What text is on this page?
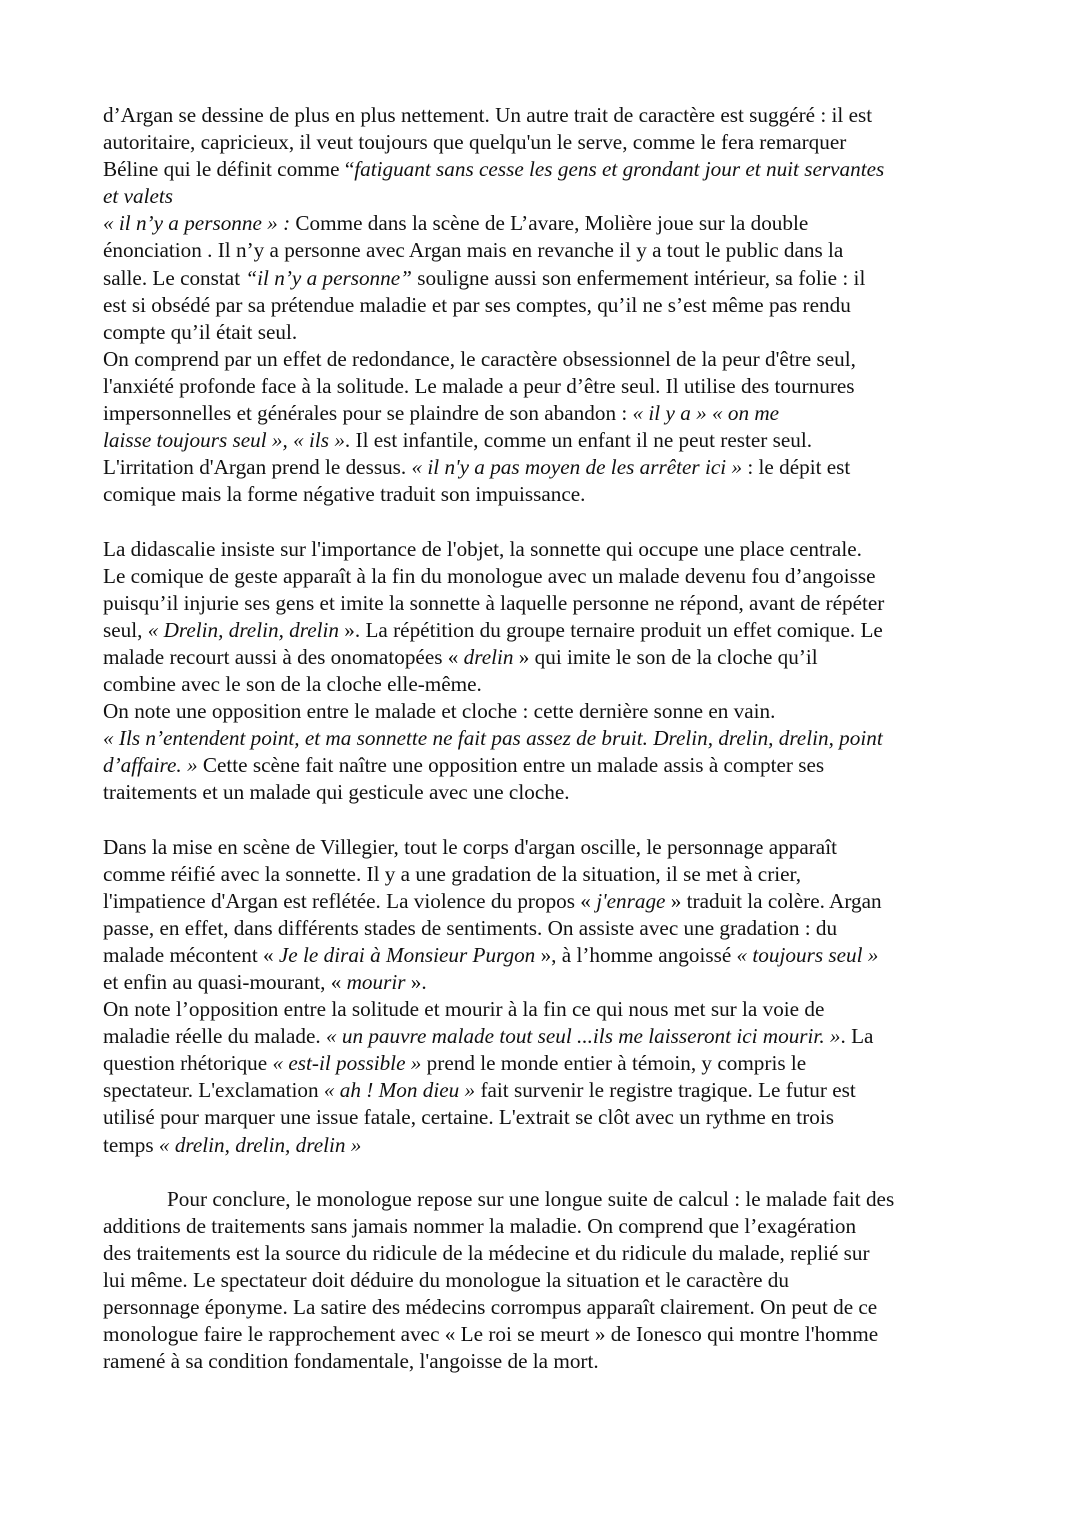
d’Argan se dessine de plus en plus nettement. Un autre trait de caractère est suggéré : il est
autoritaire, capricieux, il veut toujours que quelqu'un le serve, comme le fera remarquer
Béline qui le définit comme “fatiguant sans cesse les gens et grondant jour et nuit servantes
et valets
« il n’y a personne » : Comme dans la scène de L’avare, Molière joue sur la double
énonciation . Il n’y a personne avec Argan mais en revanche il y a tout le public dans la
salle. Le constat “il n’y a personne” souligne aussi son enfermement intérieur, sa folie : il
est si obsédé par sa prétendue maladie et par ses comptes, qu’il ne s’est même pas rendu
compte qu’il était seul.
On comprend par un effet de redondance, le caractère obsessionnel de la peur d'être seul,
l'anxiété profonde face à la solitude. Le malade a peur d’être seul. Il utilise des tournures
impersonnelles et générales pour se plaindre de son abandon : « il y a » « on me
laisse toujours seul », « ils ». Il est infantile, comme un enfant il ne peut rester seul.
L'irritation d'Argan prend le dessus. « il n'y a pas moyen de les arrêter ici » : le dépit est
comique mais la forme négative traduit son impuissance.
La didascalie insiste sur l'importance de l'objet, la sonnette qui occupe une place centrale.
Le comique de geste apparaît à la fin du monologue avec un malade devenu fou d’angoisse
puisqu’il injurie ses gens et imite la sonnette à laquelle personne ne répond, avant de répéter
seul, « Drelin, drelin, drelin ». La répétition du groupe ternaire produit un effet comique. Le
malade recourt aussi à des onomatopées « drelin » qui imite le son de la cloche qu’il
combine avec le son de la cloche elle-même.
On note une opposition entre le malade et cloche : cette dernière sonne en vain.
« Ils n’entendent point, et ma sonnette ne fait pas assez de bruit. Drelin, drelin, drelin, point
d’affaire. » Cette scène fait naître une opposition entre un malade assis à compter ses
traitements et un malade qui gesticule avec une cloche.
Dans la mise en scène de Villegier, tout le corps d'argan oscille, le personnage apparaît
comme réifié avec la sonnette. Il y a une gradation de la situation, il se met à crier,
l'impatience d'Argan est reflétée. La violence du propos « j'enrage » traduit la colère. Argan
passe, en effet, dans différents stades de sentiments. On assiste avec une gradation : du
malade mécontent « Je le dirai à Monsieur Purgon », à l’homme angoissé « toujours seul »
et enfin au quasi-mourant, « mourir ».
On note l’opposition entre la solitude et mourir à la fin ce qui nous met sur la voie de
maladie réelle du malade. « un pauvre malade tout seul ...ils me laisseront ici mourir. ». La
question rhétorique « est-il possible » prend le monde entier à témoin, y compris le
spectateur. L'exclamation « ah ! Mon dieu » fait survenir le registre tragique. Le futur est
utilisé pour marquer une issue fatale, certaine. L'extrait se clôt avec un rythme en trois
temps « drelin, drelin, drelin »
Pour conclure, le monologue repose sur une longue suite de calcul : le malade fait des
additions de traitements sans jamais nommer la maladie. On comprend que l’exagération
des traitements est la source du ridicule de la médecine et du ridicule du malade, replié sur
lui même. Le spectateur doit déduire du monologue la situation et le caractère du
personnage éponyme. La satire des médecins corrompus apparaît clairement. On peut de ce
monologue faire le rapprochement avec « Le roi se meurt » de Ionesco qui montre l'homme
ramené à sa condition fondamentale, l'angoisse de la mort.
